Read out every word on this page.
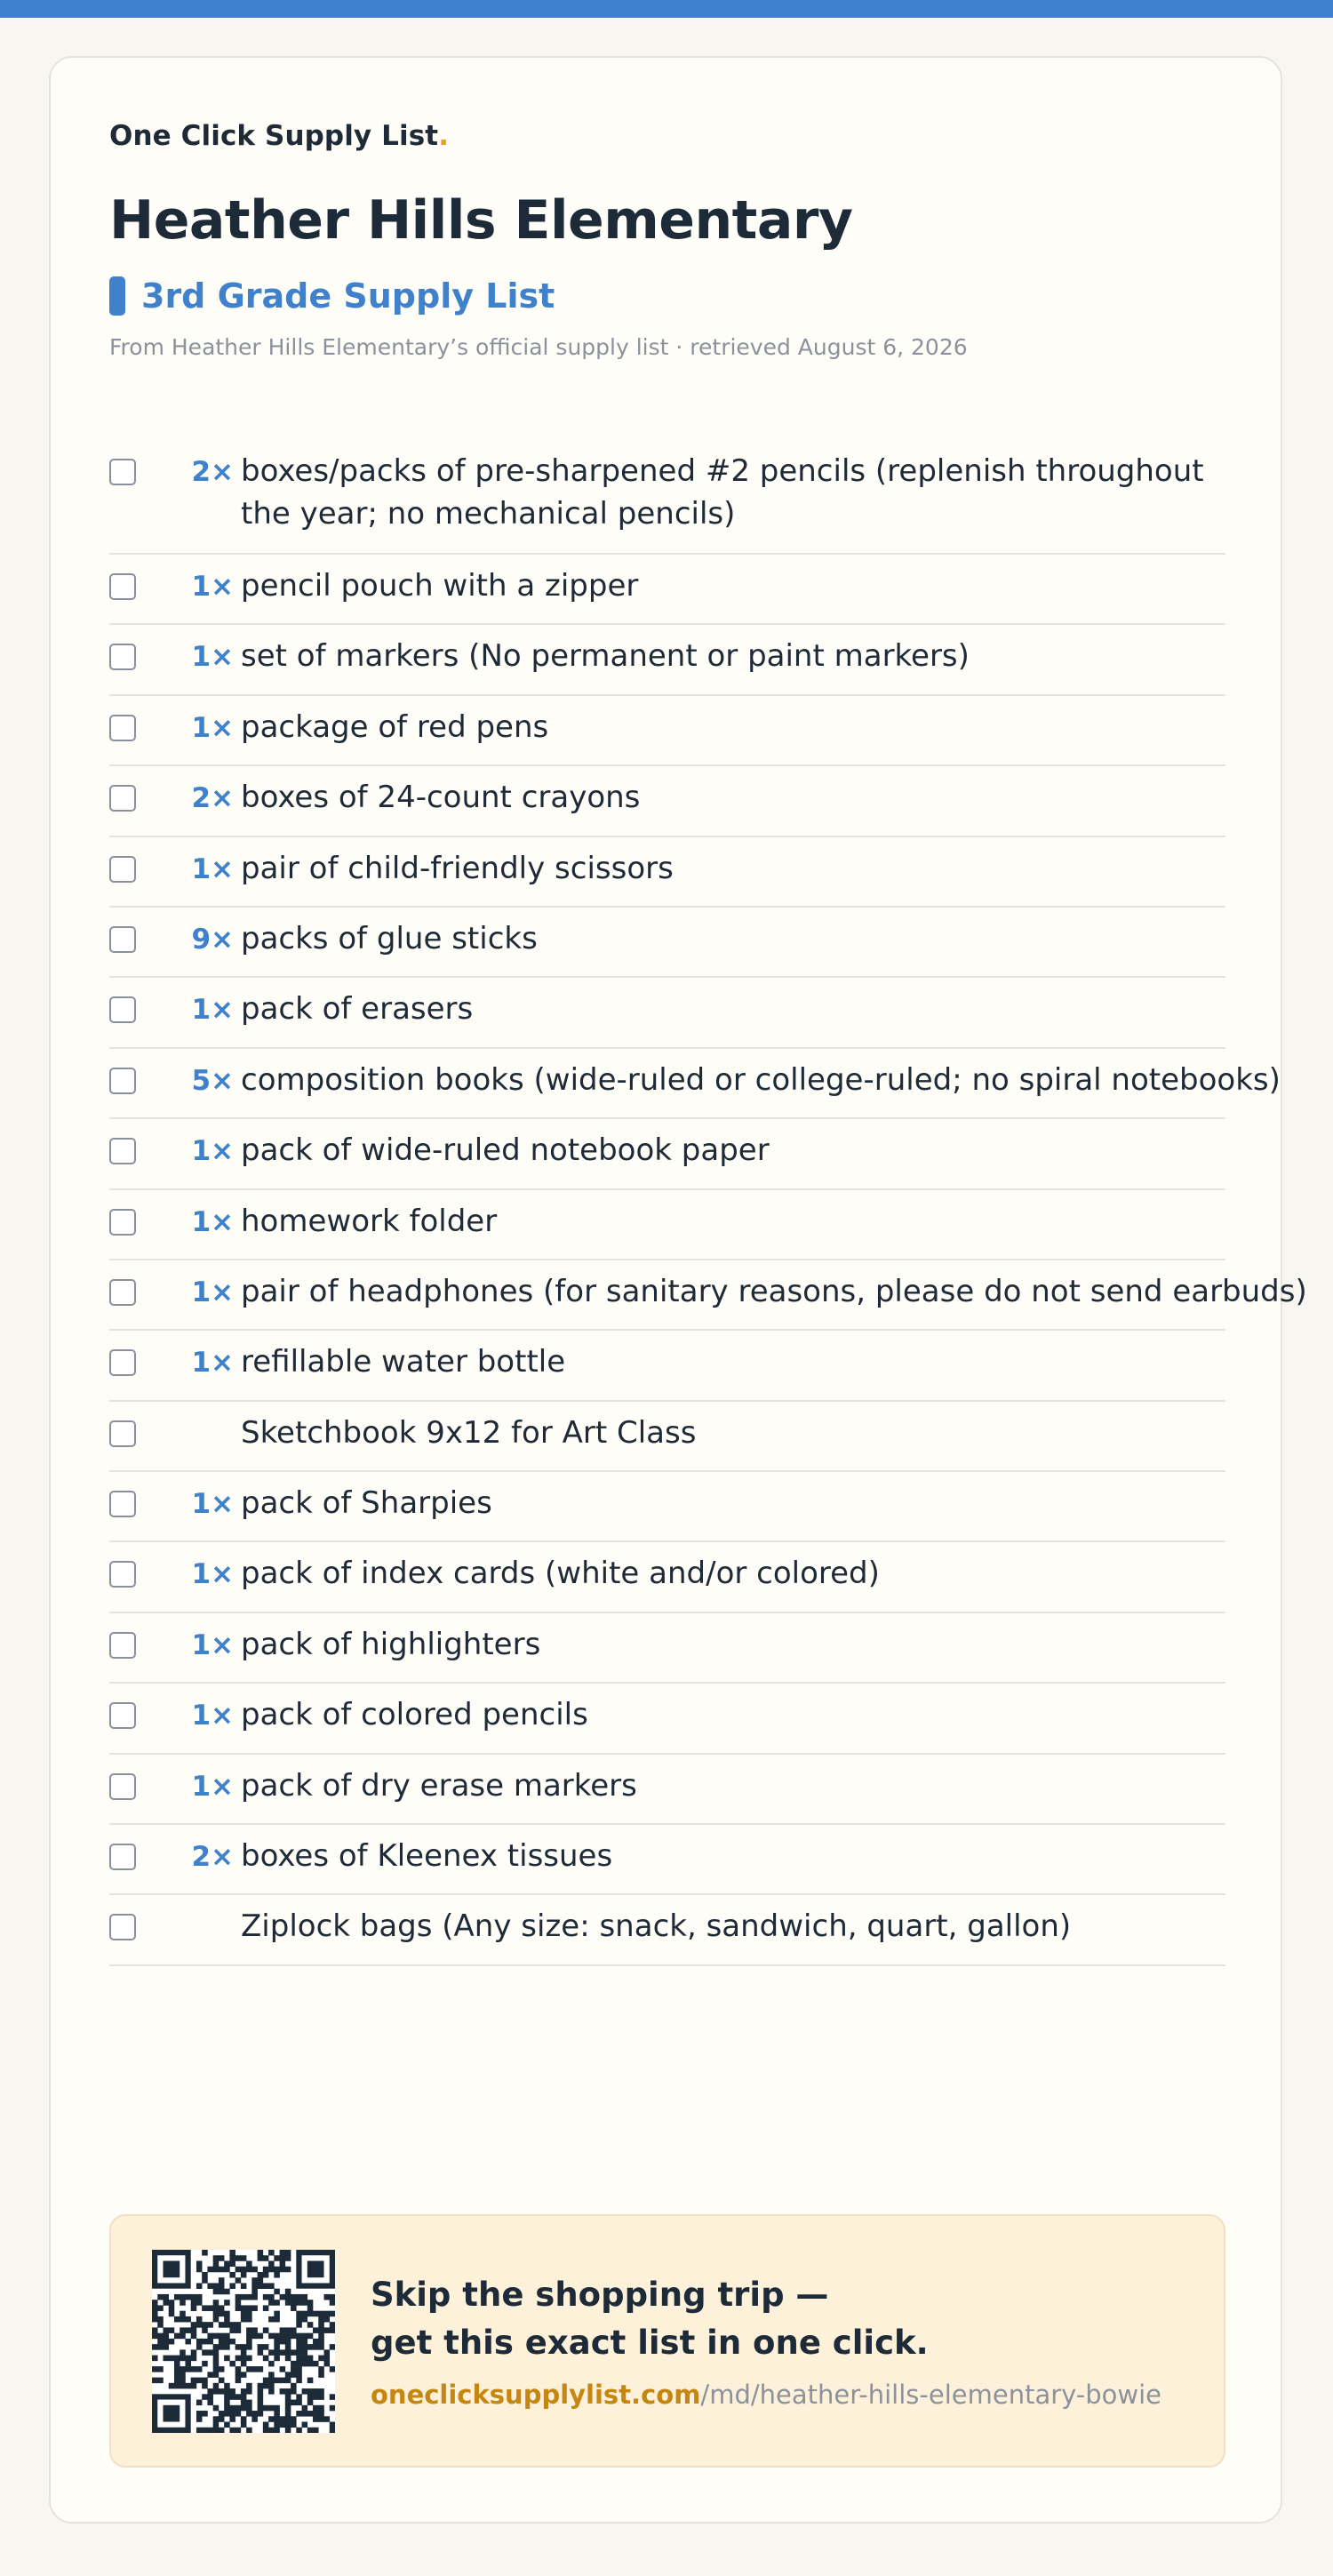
One Click Supply List.
Heather Hills Elementary
3rd Grade Supply List
From Heather Hills Elementary’s official supply list · retrieved August 6, 2026
2× boxes/packs of pre-sharpened #2 pencils (replenish throughout the year; no mechanical pencils)
1× pencil pouch with a zipper
1× set of markers (No permanent or paint markers)
1× package of red pens
2× boxes of 24-count crayons
1× pair of child-friendly scissors
9× packs of glue sticks
1× pack of erasers
5× composition books (wide-ruled or college-ruled; no spiral notebooks)
1× pack of wide-ruled notebook paper
1× homework folder
1× pair of headphones (for sanitary reasons, please do not send earbuds)
1× refillable water bottle
Sketchbook 9x12 for Art Class
1× pack of Sharpies
1× pack of index cards (white and/or colored)
1× pack of highlighters
1× pack of colored pencils
1× pack of dry erase markers
2× boxes of Kleenex tissues
Ziplock bags (Any size: snack, sandwich, quart, gallon)
Skip the shopping trip —
get this exact list in one click.
oneclicksupplylist.com/md/heather-hills-elementary-bowie
